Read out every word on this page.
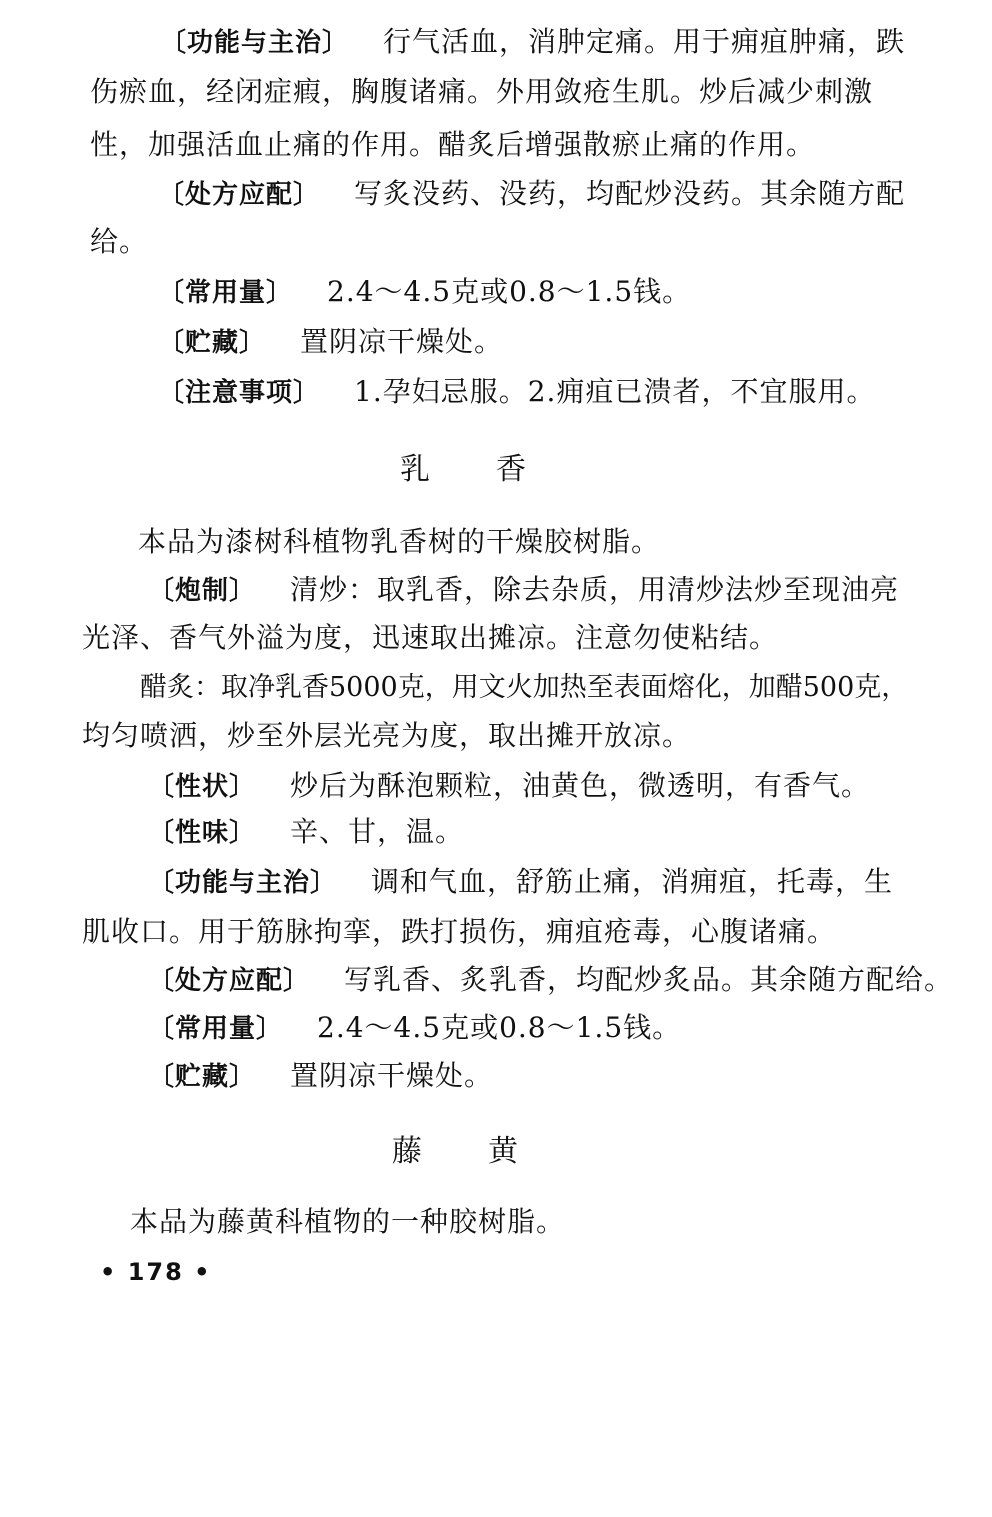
〔功能与主治〕 行气活血，消肿定痛。用于痈疽肿痛，跌
伤瘀血，经闭症瘕，胸腹诸痛。外用敛疮生肌。炒后减少刺激
性，加强活血止痛的作用。醋炙后增强散瘀止痛的作用。
〔处方应配〕 写炙没药、没药，均配炒没药。其余随方配
给。
〔常用量〕 2.4～4.5克或0.8～1.5钱。
〔贮藏〕 置阴凉干燥处。
〔注意事项〕 1.孕妇忌服。2.痈疽已溃者，不宜服用。
乳 香
本品为漆树科植物乳香树的干燥胶树脂。
〔炮制〕 清炒：取乳香，除去杂质，用清炒法炒至现油亮
光泽、香气外溢为度，迅速取出摊凉。注意勿使粘结。
醋炙：取净乳香5000克，用文火加热至表面熔化，加醋500克，
均匀喷洒，炒至外层光亮为度，取出摊开放凉。
〔性状〕 炒后为酥泡颗粒，油黄色，微透明，有香气。
〔性味〕 辛、甘，温。
〔功能与主治〕 调和气血，舒筋止痛，消痈疽，托毒，生
肌收口。用于筋脉拘挛，跌打损伤，痈疽疮毒，心腹诸痛。
〔处方应配〕 写乳香、炙乳香，均配炒炙品。其余随方配给。
〔常用量〕 2.4～4.5克或0.8～1.5钱。
〔贮藏〕 置阴凉干燥处。
藤 黄
本品为藤黄科植物的一种胶树脂。
• 178 •
